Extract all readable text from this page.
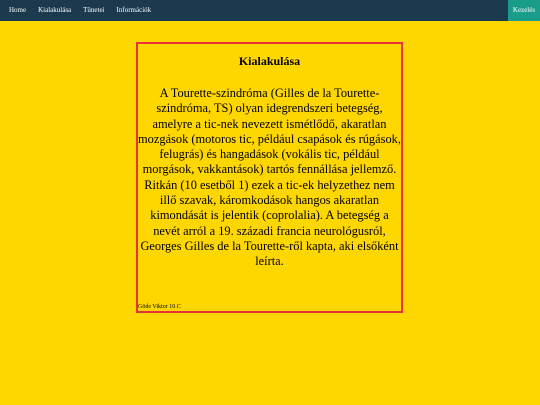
Home	Kialakulása	Tünetei	Információk	Kezelés
Kialakulása

A Tourette-szindróma (Gilles de la Tourette-szindróma, TS) olyan idegrendszeri betegség, amelyre a tic-nek nevezett ismétlődő, akaratlan mozgások (motoros tic, például csapások és rúgások, felugrás) és hangadások (vokális tic, például morgások, vakkantások) tartós fennállása jellemző. Ritkán (10 esetből 1) ezek a tic-ek helyzethez nem illő szavak, káromkodások hangos akaratlan kimondását is jelentik (coprolalia). A betegség a nevét arról a 19. századi francia neurológusról, Georges Gilles de la Tourette-ről kapta, aki elsőként leírta.

Göde Viktor 10.C
